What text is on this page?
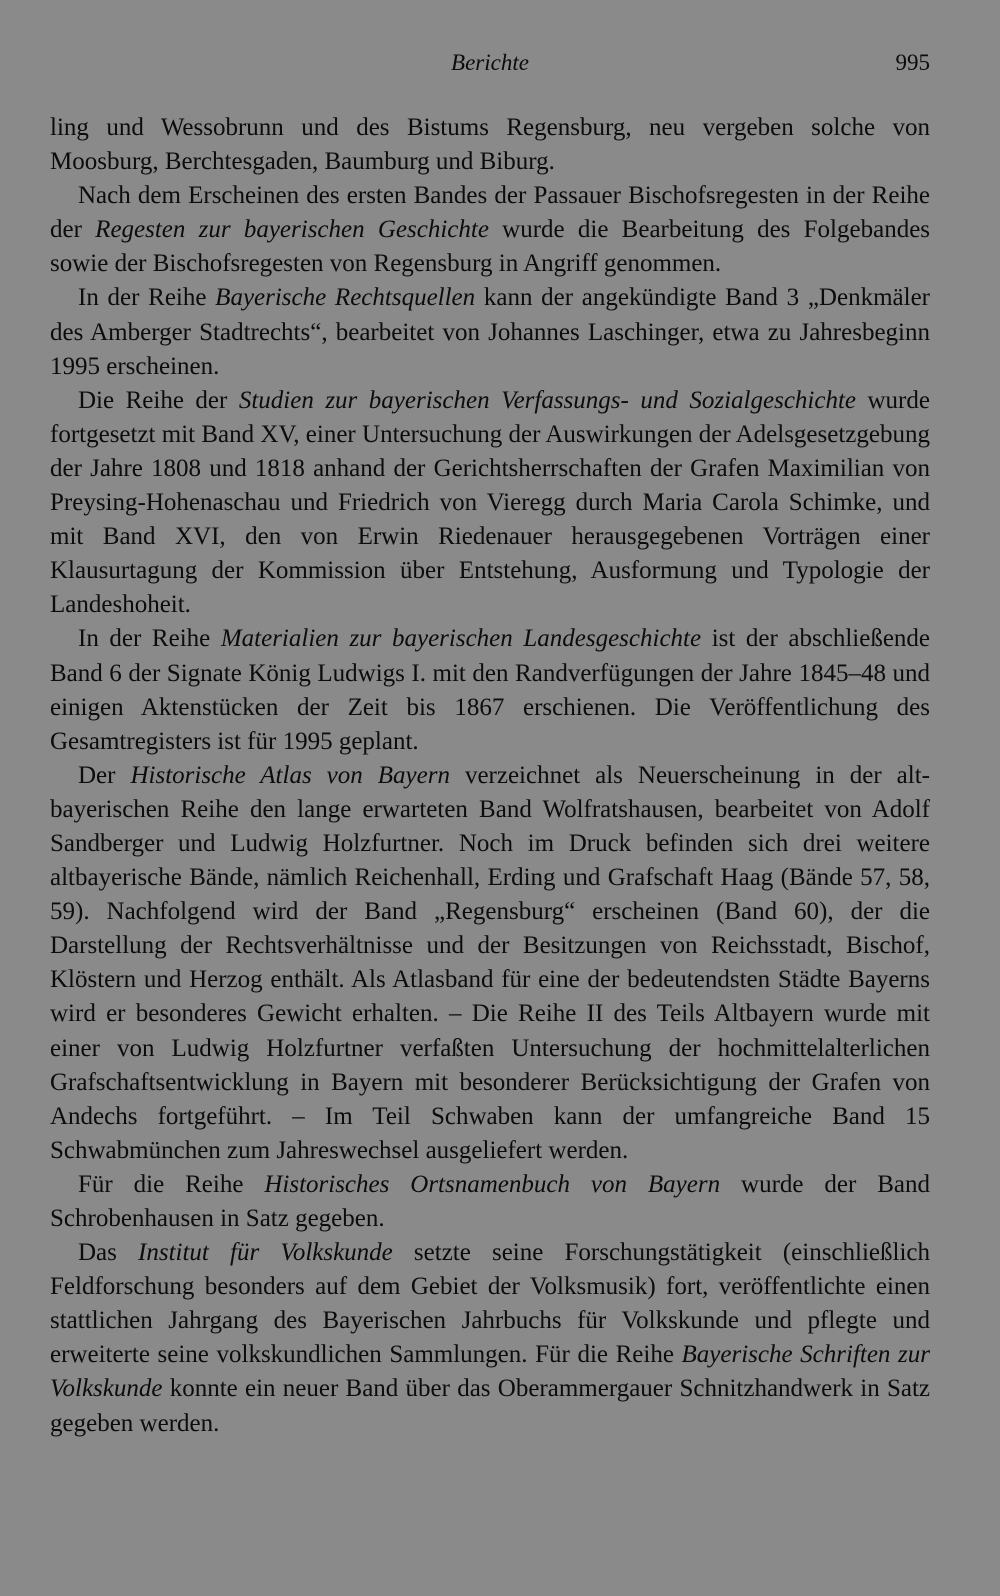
Berichte	995

ling und Wessobrunn und des Bistums Regensburg, neu vergeben solche von Moosburg, Berchtesgaden, Baumburg und Biburg.

Nach dem Erscheinen des ersten Bandes der Passauer Bischofsregesten in der Reihe der Regesten zur bayerischen Geschichte wurde die Bearbeitung des Folgebandes sowie der Bischofsregesten von Regensburg in Angriff genommen.

In der Reihe Bayerische Rechtsquellen kann der angekündigte Band 3 „Denkmäler des Amberger Stadtrechts“, bearbeitet von Johannes Laschinger, etwa zu Jahresbeginn 1995 erscheinen.

Die Reihe der Studien zur bayerischen Verfassungs- und Sozialgeschichte wurde fortgesetzt mit Band XV, einer Untersuchung der Auswirkungen der Adelsgesetzgebung der Jahre 1808 und 1818 anhand der Gerichtsherrschaften der Grafen Maximilian von Preysing-Hohenaschau und Friedrich von Vieregg durch Maria Carola Schimke, und mit Band XVI, den von Erwin Riedenauer herausgegebenen Vorträgen einer Klausurtagung der Kommission über Entstehung, Ausformung und Typologie der Landeshoheit.

In der Reihe Materialien zur bayerischen Landesgeschichte ist der abschließende Band 6 der Signate König Ludwigs I. mit den Randverfügungen der Jahre 1845–48 und einigen Aktenstücken der Zeit bis 1867 erschienen. Die Veröffentlichung des Gesamtregisters ist für 1995 geplant.

Der Historische Atlas von Bayern verzeichnet als Neuerscheinung in der altbayerischen Reihe den lange erwarteten Band Wolfratshausen, bearbeitet von Adolf Sandberger und Ludwig Holzfurtner. Noch im Druck befinden sich drei weitere altbayerische Bände, nämlich Reichenhall, Erding und Grafschaft Haag (Bände 57, 58, 59). Nachfolgend wird der Band „Regensburg“ erscheinen (Band 60), der die Darstellung der Rechtsverhältnisse und der Besitzungen von Reichsstadt, Bischof, Klöstern und Herzog enthält. Als Atlasband für eine der bedeutendsten Städte Bayerns wird er besonderes Gewicht erhalten. – Die Reihe II des Teils Altbayern wurde mit einer von Ludwig Holzfurtner verfaßten Untersuchung der hochmittelalterlichen Grafschaftsentwicklung in Bayern mit besonderer Berücksichtigung der Grafen von Andechs fortgeführt. – Im Teil Schwaben kann der umfangreiche Band 15 Schwabmünchen zum Jahreswechsel ausgeliefert werden.

Für die Reihe Historisches Ortsnamenbuch von Bayern wurde der Band Schrobenhausen in Satz gegeben.

Das Institut für Volkskunde setzte seine Forschungstätigkeit (einschließlich Feldforschung besonders auf dem Gebiet der Volksmusik) fort, veröffentlichte einen stattlichen Jahrgang des Bayerischen Jahrbuchs für Volkskunde und pflegte und erweiterte seine volkskundlichen Sammlungen. Für die Reihe Bayerische Schriften zur Volkskunde konnte ein neuer Band über das Oberammergauer Schnitzhandwerk in Satz gegeben werden.
